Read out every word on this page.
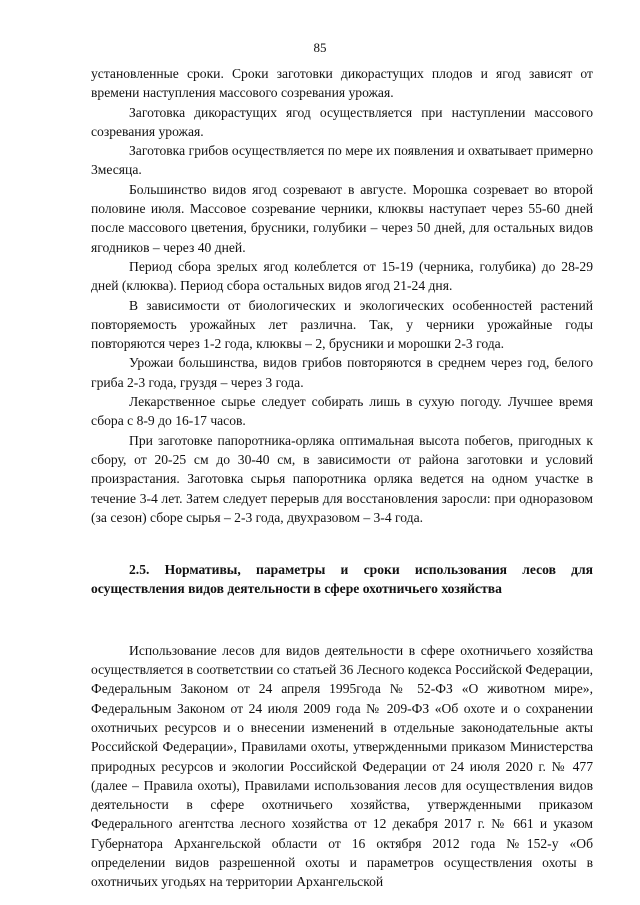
85

установленные сроки. Сроки заготовки дикорастущих плодов и ягод зависят от времени наступления массового созревания урожая.

Заготовка дикорастущих ягод осуществляется при наступлении массового созревания урожая.

Заготовка грибов осуществляется по мере их появления и охватывает примерно 3месяца.

Большинство видов ягод созревают в августе. Морошка созревает во второй половине июля. Массовое созревание черники, клюквы наступает через 55-60 дней после массового цветения, брусники, голубики – через 50 дней, для остальных видов ягодников – через 40 дней.

Период сбора зрелых ягод колеблется от 15-19 (черника, голубика) до 28-29 дней (клюква). Период сбора остальных видов ягод 21-24 дня.

В зависимости от биологических и экологических особенностей растений повторяемость урожайных лет различна. Так, у черники урожайные годы повторяются через 1-2 года, клюквы – 2, брусники и морошки 2-3 года.

Урожаи большинства, видов грибов повторяются в среднем через год, белого гриба 2-3 года, груздя – через 3 года.

Лекарственное сырье следует собирать лишь в сухую погоду. Лучшее время сбора с 8-9 до 16-17 часов.

При заготовке папоротника-орляка оптимальная высота побегов, пригодных к сбору, от 20-25 см до 30-40 см, в зависимости от района заготовки и условий произрастания. Заготовка сырья папоротника орляка ведется на одном участке в течение 3-4 лет. Затем следует перерыв для восстановления заросли: при одноразовом (за сезон) сборе сырья – 2-3 года, двухразовом – 3-4 года.

2.5. Нормативы, параметры и сроки использования лесов для осуществления видов деятельности в сфере охотничьего хозяйства

Использование лесов для видов деятельности в сфере охотничьего хозяйства осуществляется в соответствии со статьей 36 Лесного кодекса Российской Федерации, Федеральным Законом от 24 апреля 1995года № 52-ФЗ «О животном мире», Федеральным Законом от 24 июля 2009 года № 209-ФЗ «Об охоте и о сохранении охотничьих ресурсов и о внесении изменений в отдельные законодательные акты Российской Федерации», Правилами охоты, утвержденными приказом Министерства природных ресурсов и экологии Российской Федерации от 24 июля 2020 г. № 477 (далее – Правила охоты), Правилами использования лесов для осуществления видов деятельности в сфере охотничьего хозяйства, утвержденными приказом Федерального агентства лесного хозяйства от 12 декабря 2017 г. № 661 и указом Губернатора Архангельской области от 16 октября 2012 года №152-у «Об определении видов разрешенной охоты и параметров осуществления охоты в охотничьих угодьях на территории Архангельской
